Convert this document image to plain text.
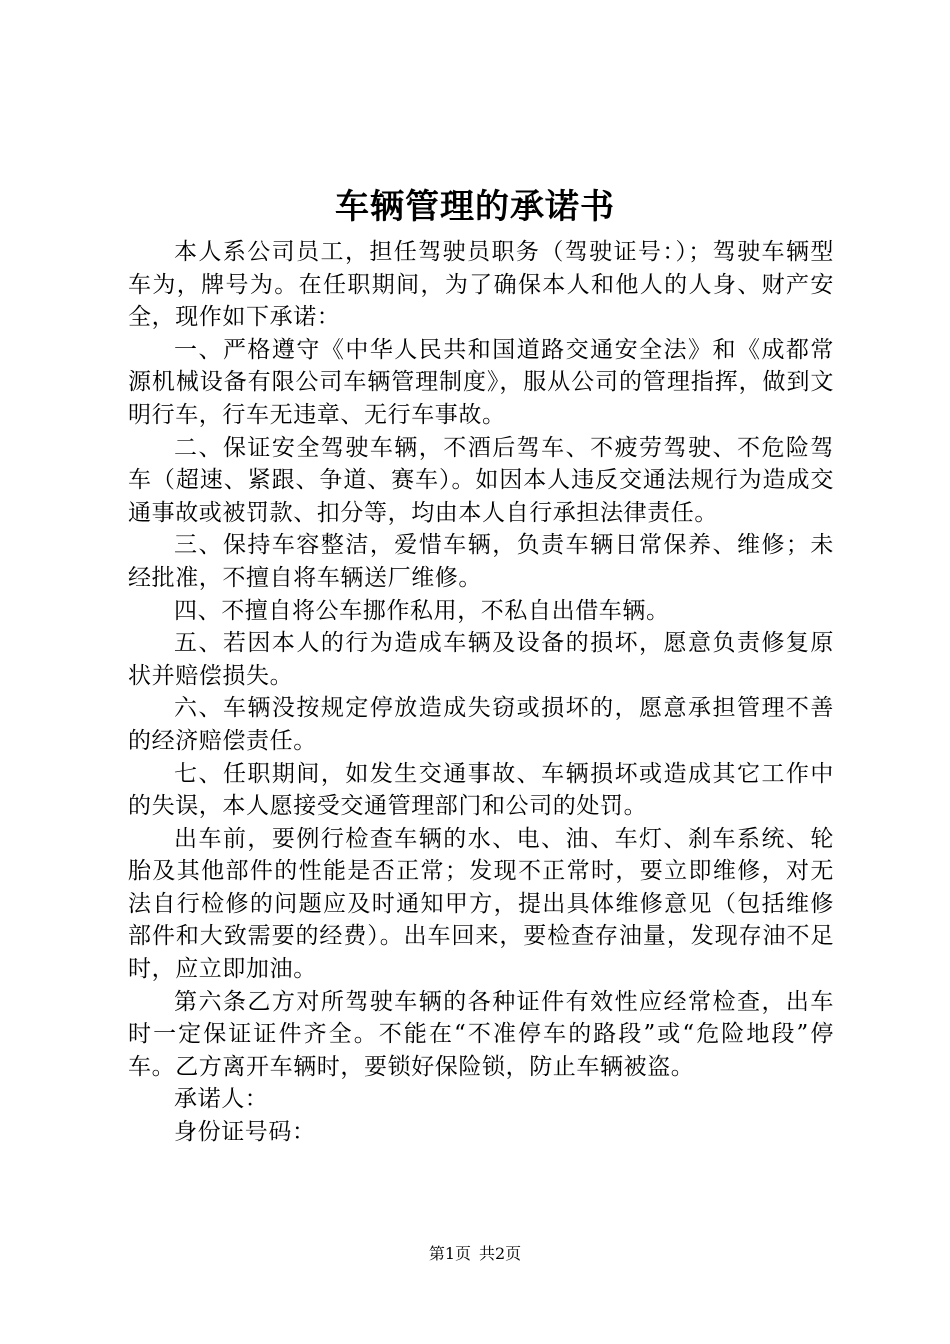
车辆管理的承诺书

本人系公司员工，担任驾驶员职务（驾驶证号：）；驾驶车辆型车为，牌号为。在任职期间，为了确保本人和他人的人身、财产安全，现作如下承诺：

一、严格遵守《中华人民共和国道路交通安全法》和《成都常源机械设备有限公司车辆管理制度》，服从公司的管理指挥，做到文明行车，行车无违章、无行车事故。

二、保证安全驾驶车辆，不酒后驾车、不疲劳驾驶、不危险驾车（超速、紧跟、争道、赛车）。如因本人违反交通法规行为造成交通事故或被罚款、扣分等，均由本人自行承担法律责任。

三、保持车容整洁，爱惜车辆，负责车辆日常保养、维修；未经批准，不擅自将车辆送厂维修。

四、不擅自将公车挪作私用，不私自出借车辆。

五、若因本人的行为造成车辆及设备的损坏，愿意负责修复原状并赔偿损失。

六、车辆没按规定停放造成失窃或损坏的，愿意承担管理不善的经济赔偿责任。

七、任职期间，如发生交通事故、车辆损坏或造成其它工作中的失误，本人愿接受交通管理部门和公司的处罚。

出车前，要例行检查车辆的水、电、油、车灯、刹车系统、轮胎及其他部件的性能是否正常；发现不正常时，要立即维修，对无法自行检修的问题应及时通知甲方，提出具体维修意见（包括维修部件和大致需要的经费）。出车回来，要检查存油量，发现存油不足时，应立即加油。

第六条乙方对所驾驶车辆的各种证件有效性应经常检查，出车时一定保证证件齐全。不能在“不准停车的路段”或“危险地段”停车。乙方离开车辆时，要锁好保险锁，防止车辆被盗。

承诺人：

身份证号码：

第1页 共2页
